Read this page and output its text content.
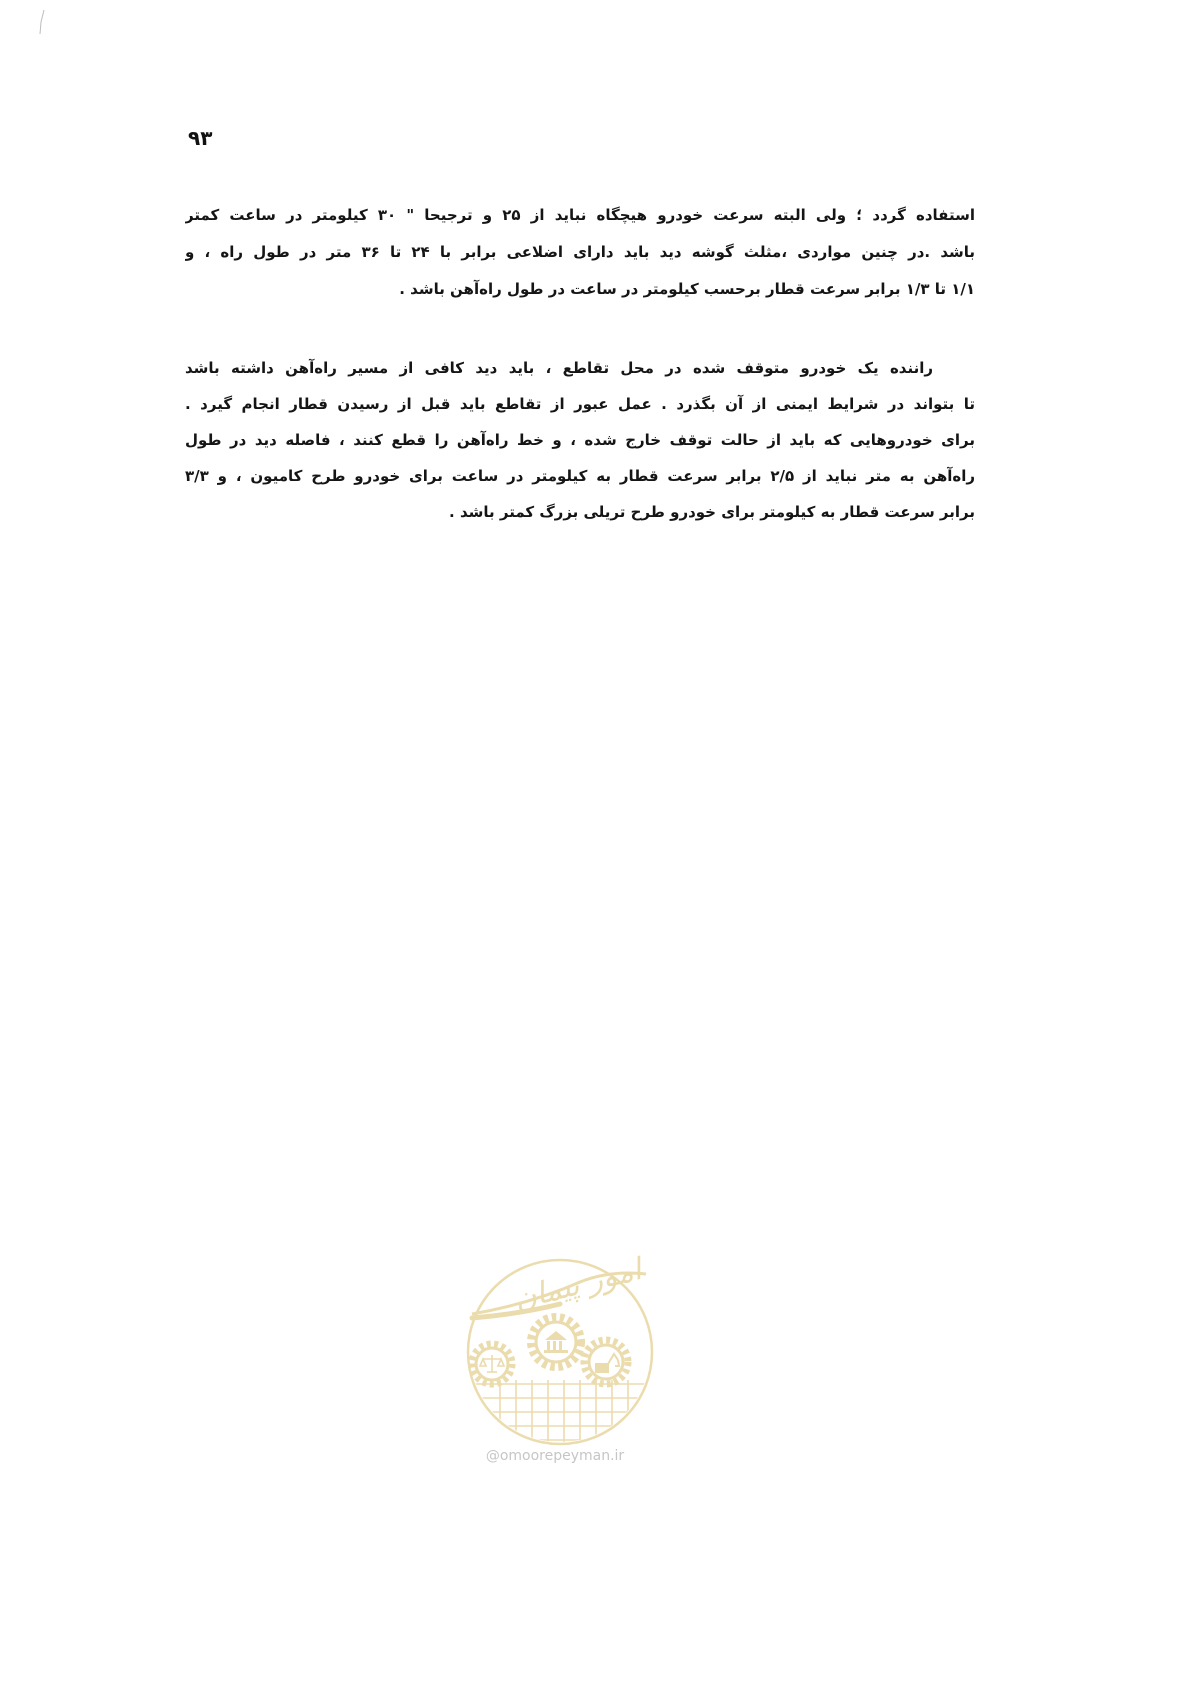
۹۳
استفاده گردد ؛ ولی البته سرعت خودرو هیچگاه نباید از ۲۵ و ترجیحا " ۳۰ کیلومتر در ساعت کمتر
باشد .در چنین مواردی ،مثلث گوشه دید باید دارای اضلاعی برابر با ۲۴ تا ۳۶ متر در طول راه ، و
۱/۱ تا ۱/۳ برابر سرعت قطار برحسب کیلومتر در ساعت در طول راه‌آهن باشد .
راننده یک خودرو متوقف شده در محل تقاطع ، باید دید کافی از مسیر راه‌آهن داشته باشد
تا بتواند در شرایط ایمنی از آن بگذرد . عمل عبور از تقاطع باید قبل از رسیدن قطار انجام گیرد .
برای خودروهایی که باید از حالت توقف خارج شده ، و خط راه‌آهن را قطع کنند ، فاصله دید در طول
راه‌آهن به متر نباید از ۲/۵ برابر سرعت قطار به کیلومتر در ساعت برای خودرو طرح کامیون ، و ۳/۳
برابر سرعت قطار به کیلومتر برای خودرو طرح تریلی بزرگ کمتر باشد .
امور پیمان
@omoorepeyman.ir
